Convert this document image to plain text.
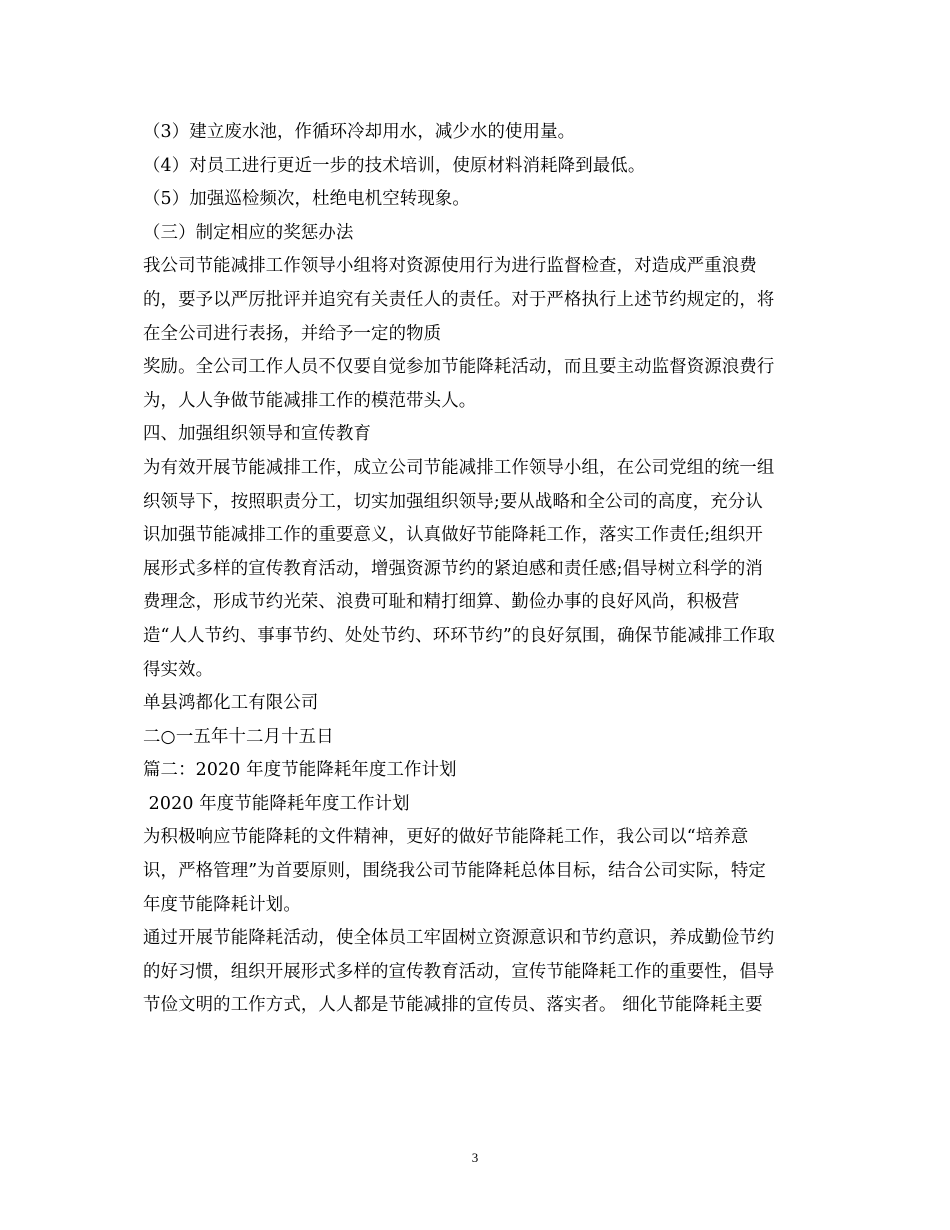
（3）建立废水池，作循环冷却用水，减少水的使用量。
（4）对员工进行更近一步的技术培训，使原材料消耗降到最低。
（5）加强巡检频次，杜绝电机空转现象。
（三）制定相应的奖惩办法
我公司节能减排工作领导小组将对资源使用行为进行监督检查，对造成严重浪费
的，要予以严厉批评并追究有关责任人的责任。对于严格执行上述节约规定的，将
在全公司进行表扬，并给予一定的物质
奖励。全公司工作人员不仅要自觉参加节能降耗活动，而且要主动监督资源浪费行
为，人人争做节能减排工作的模范带头人。
四、加强组织领导和宣传教育
为有效开展节能减排工作，成立公司节能减排工作领导小组，在公司党组的统一组
织领导下，按照职责分工，切实加强组织领导;要从战略和全公司的高度，充分认
识加强节能减排工作的重要意义，认真做好节能降耗工作，落实工作责任;组织开
展形式多样的宣传教育活动，增强资源节约的紧迫感和责任感;倡导树立科学的消
费理念，形成节约光荣、浪费可耻和精打细算、勤俭办事的良好风尚，积极营
造“人人节约、事事节约、处处节约、环环节约”的良好氛围，确保节能减排工作取
得实效。
单县鸿都化工有限公司
二○一五年十二月十五日
篇二：2020 年度节能降耗年度工作计划
2020 年度节能降耗年度工作计划
为积极响应节能降耗的文件精神，更好的做好节能降耗工作，我公司以“培养意
识，严格管理”为首要原则，围绕我公司节能降耗总体目标，结合公司实际，特定
年度节能降耗计划。
通过开展节能降耗活动，使全体员工牢固树立资源意识和节约意识，养成勤俭节约
的好习惯，组织开展形式多样的宣传教育活动，宣传节能降耗工作的重要性，倡导
节俭文明的工作方式，人人都是节能减排的宣传员、落实者。 细化节能降耗主要
3
